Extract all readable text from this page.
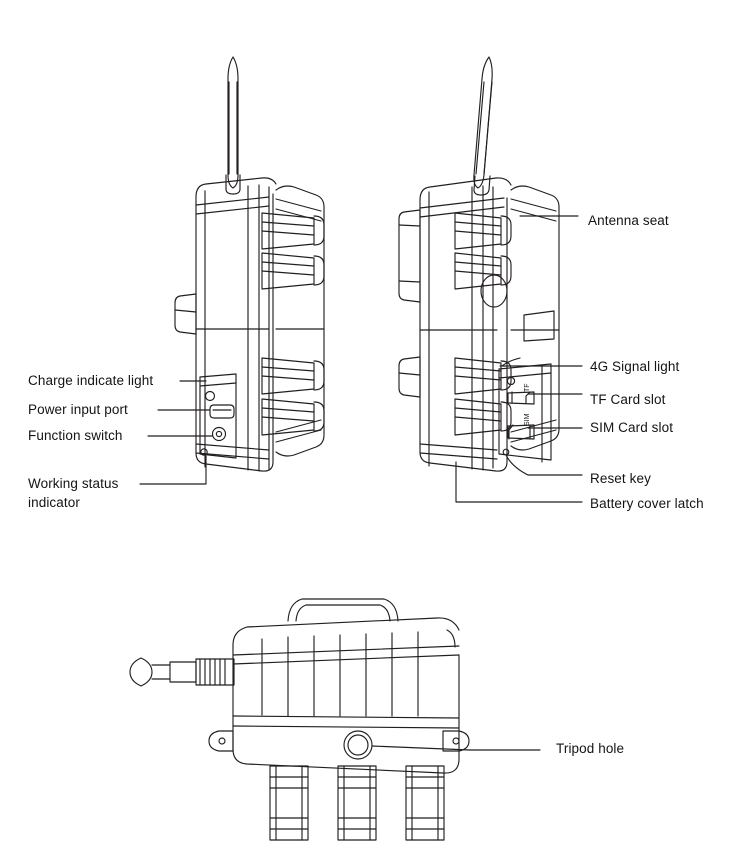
Charge indicate light
Power input port
Function switch
Working status
indicator
Antenna seat
4G Signal light
TF Card slot
SIM Card slot
Reset key
Battery cover latch
Tripod hole
TF
SIM
